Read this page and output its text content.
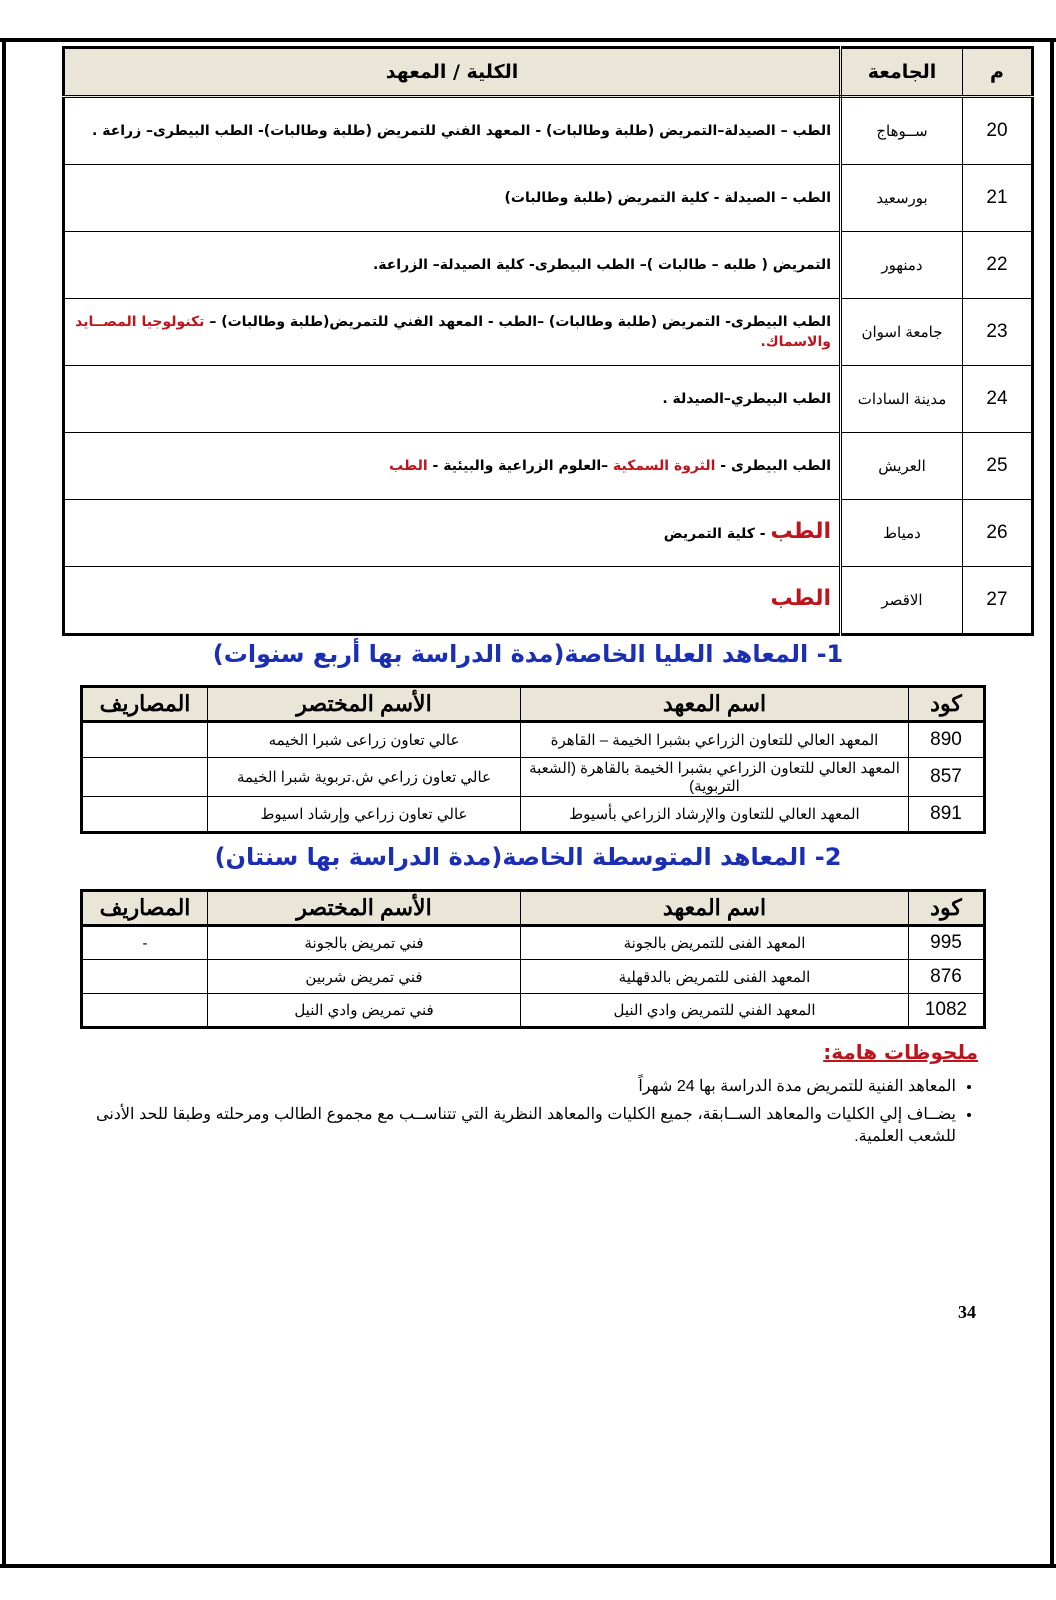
م	الجامعة	الكلية / المعهد
20	ســوهاج	الطب – الصيدلة–التمريض (طلبة وطالبات) - المعهد الفني للتمريض (طلبة وطالبات)- الطب البيطرى– زراعة .
21	بورسعيد	الطب – الصيدلة - كلية التمريض (طلبة وطالبات)
22	دمنهور	التمريض ( طلبه – طالبات )– الطب البيطرى- كلية الصيدلة– الزراعة.
23	جامعة اسوان	الطب البيطرى- التمريض (طلبة وطالبات) –الطب - المعهد الفني للتمريض(طلبة وطالبات) – تكنولوجيا المصــايد والاسماك.
24	مدينة السادات	الطب البيطري–الصيدلة .
25	العريش	الطب البيطرى - الثروة السمكية –العلوم الزراعية والبيئية - الطب
26	دمياط	الطب - كلية التمريض
27	الاقصر	الطب
1- المعاهد العليا الخاصة(مدة الدراسة بها أربع سنوات)
كود	اسم المعهد	الأسم المختصر	المصاريف
890	المعهد العالي للتعاون الزراعي بشبرا الخيمة – القاهرة	عالي تعاون زراعى شبرا الخيمه	
857	المعهد العالي للتعاون الزراعي بشبرا الخيمة بالقاهرة (الشعبة التربوية)	عالي تعاون زراعي ش.تربوية شبرا الخيمة	
891	المعهد العالي للتعاون والإرشاد الزراعي بأسيوط	عالي تعاون زراعي وإرشاد اسيوط	
2- المعاهد المتوسطة الخاصة(مدة الدراسة بها سنتان)
كود	اسم المعهد	الأسم المختصر	المصاريف
995	المعهد الفنى للتمريض بالجونة	فني تمريض بالجونة	-
876	المعهد الفنى للتمريض بالدقهلية	فني تمريض شربين	
1082	المعهد الفني للتمريض وادي النيل	فني تمريض وادي النيل	
ملحوظات هامة:
• المعاهد الفنية للتمريض مدة الدراسة بها 24 شهراً
• يضــاف إلي الكليات والمعاهد الســابقة، جميع الكليات والمعاهد النظرية التي تتناســب مع مجموع الطالب ومرحلته وطبقا للحد الأدنى للشعب العلمية.
34
